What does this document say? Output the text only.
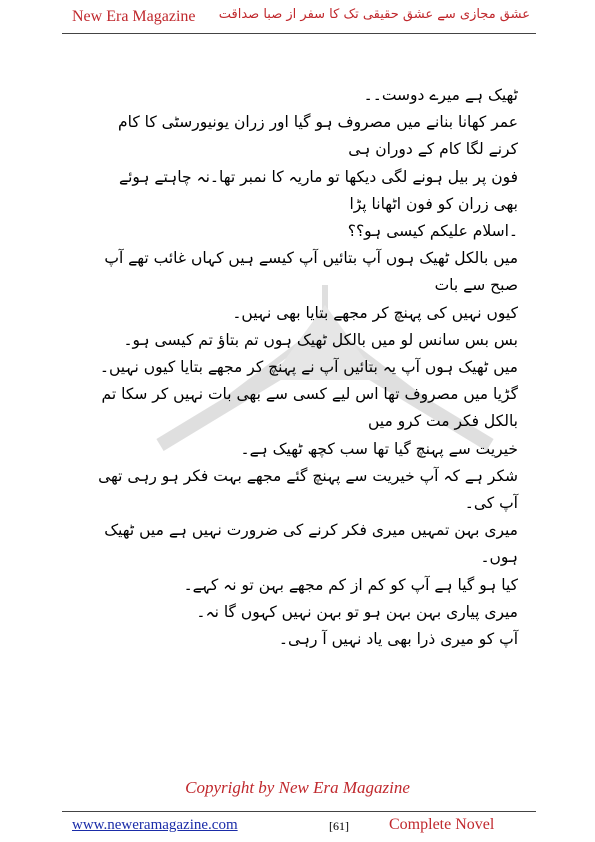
New Era Magazine عشق مجازی سے عشق حقیقی تک کا سفر از صبا صداقت

ٹھیک ہے میرے دوست۔۔

عمر کھانا بنانے میں مصروف ہو گیا اور زران یونیورسٹی کا کام کرنے لگا کام کے دوران ہی

فون پر بیل ہونے لگی دیکھا تو ماریہ کا نمبر تھا۔نہ چاہتے ہوئے بھی زران کو فون اٹھانا پڑا

۔اسلام علیکم کیسی ہو؟؟

میں بالکل ٹھیک ہوں آپ بتائیں آپ کیسے ہیں کہاں غائب تھے آپ صبح سے بات

کیوں نہیں کی پہنچ کر مجھے بتایا بھی نہیں۔

بس بس سانس لو میں بالکل ٹھیک ہوں تم بتاؤ تم کیسی ہو۔

میں ٹھیک ہوں آپ یہ بتائیں آپ نے پہنچ کر مجھے بتایا کیوں نہیں۔

گڑیا میں مصروف تھا اس لیے کسی سے بھی بات نہیں کر سکا تم بالکل فکر مت کرو میں

خیریت سے پہنچ گیا تھا سب کچھ ٹھیک ہے۔

شکر ہے کہ آپ خیریت سے پہنچ گئے مجھے بہت فکر ہو رہی تھی آپ کی۔

میری بہن تمہیں میری فکر کرنے کی ضرورت نہیں ہے میں ٹھیک ہوں۔

کیا ہو گیا ہے آپ کو کم از کم مجھے بہن تو نہ کہے۔

میری پیاری بہن بہن ہو تو بہن نہیں کہوں گا نہ۔

آپ کو میری ذرا بھی یاد نہیں آ رہی۔

Copyright by New Era Magazine
www.neweramagazine.com	[61]	Complete Novel
